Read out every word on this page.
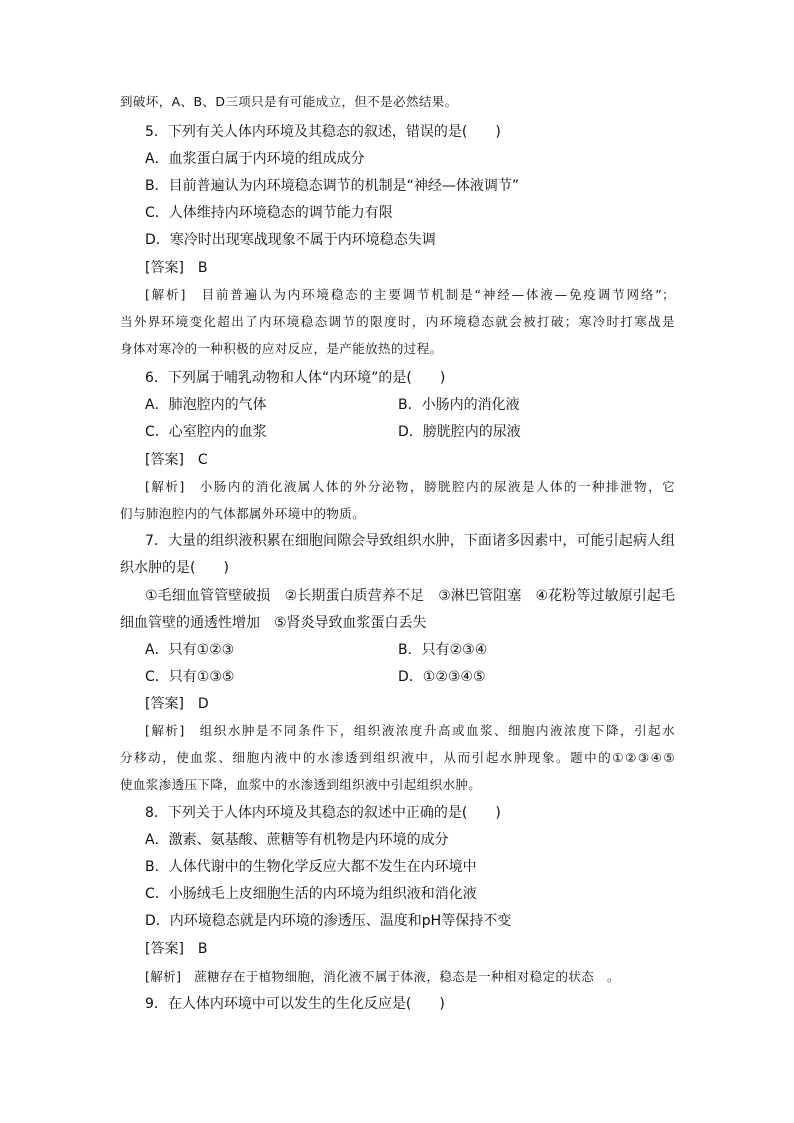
到破坏，A、B、D三项只是有可能成立，但不是必然结果。
5．下列有关人体内环境及其稳态的叙述，错误的是(　　)
A．血浆蛋白属于内环境的组成成分
B．目前普遍认为内环境稳态调节的机制是“神经—体液调节”
C．人体维持内环境稳态的调节能力有限
D．寒冷时出现寒战现象不属于内环境稳态失调
[答案]　B
[解析]　目前普遍认为内环境稳态的主要调节机制是“神经—体液—免疫调节网络”；
当外界环境变化超出了内环境稳态调节的限度时，内环境稳态就会被打破；寒冷时打寒战是
身体对寒冷的一种积极的应对反应，是产能放热的过程。
6．下列属于哺乳动物和人体“内环境”的是(　　)
A．肺泡腔内的气体	B．小肠内的消化液
C．心室腔内的血浆	D．膀胱腔内的尿液
[答案]　C
[解析]　小肠内的消化液属人体的外分泌物，膀胱腔内的尿液是人体的一种排泄物，它
们与肺泡腔内的气体都属外环境中的物质。
7．大量的组织液积累在细胞间隙会导致组织水肿，下面诸多因素中，可能引起病人组
织水肿的是(　　)
①毛细血管管壁破损　②长期蛋白质营养不足　③淋巴管阻塞　④花粉等过敏原引起毛
细血管壁的通透性增加　⑤肾炎导致血浆蛋白丢失
A．只有①②③	B．只有②③④
C．只有①③⑤	D．①②③④⑤
[答案]　D
[解析]　组织水肿是不同条件下，组织液浓度升高或血浆、细胞内液浓度下降，引起水
分移动，使血浆、细胞内液中的水渗透到组织液中，从而引起水肿现象。题中的①②③④⑤
使血浆渗透压下降，血浆中的水渗透到组织液中引起组织水肿。
8．下列关于人体内环境及其稳态的叙述中正确的是(　　)
A．激素、氨基酸、蔗糖等有机物是内环境的成分
B．人体代谢中的生物化学反应大都不发生在内环境中
C．小肠绒毛上皮细胞生活的内环境为组织液和消化液
D．内环境稳态就是内环境的渗透压、温度和pH等保持不变
[答案]　B
[解析]　蔗糖存在于植物细胞，消化液不属于体液，稳态是一种相对稳定的状态　。
9．在人体内环境中可以发生的生化反应是(　　)
